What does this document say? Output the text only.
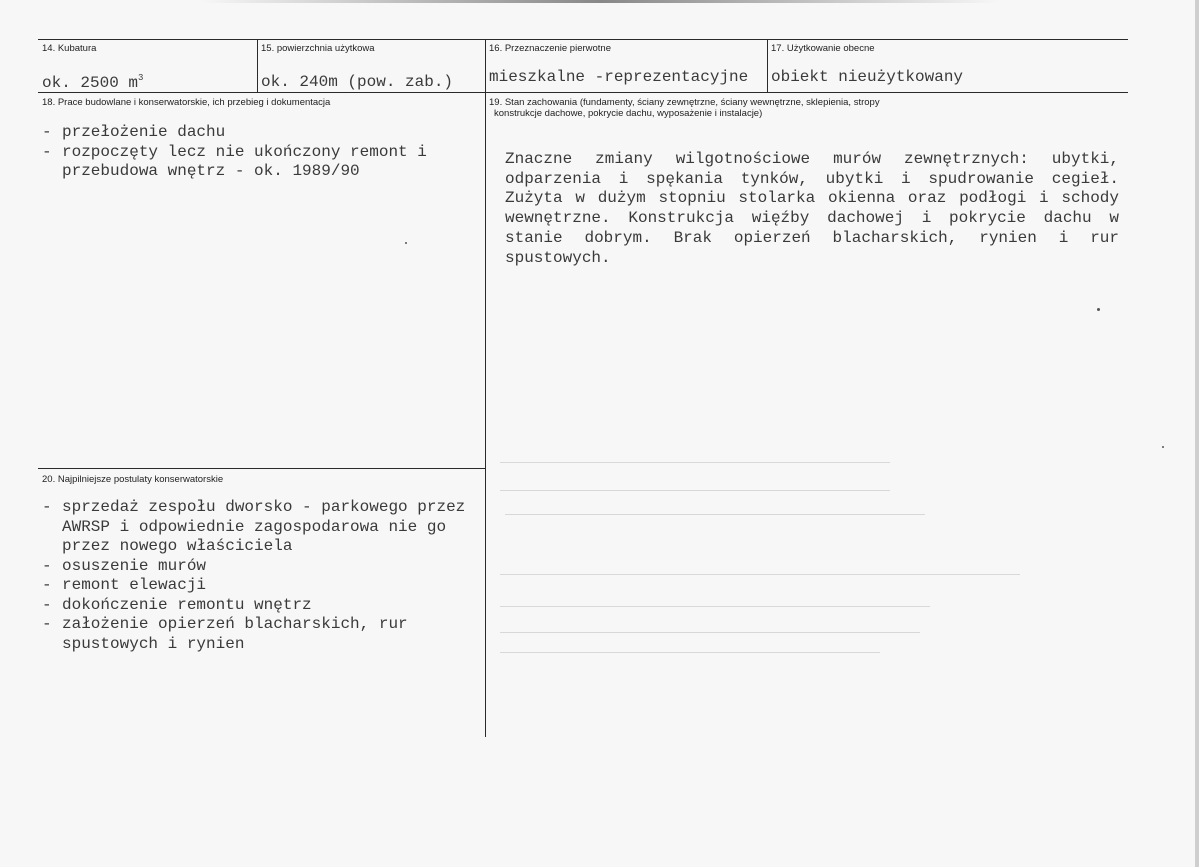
14. Kubatura
ok. 2500 $m^3$
15. powierzchnia użytkowa
ok. 240m (pow. zab.)
16. Przeznaczenie pierwotne
mieszkalne -reprezentacyjne
17. Użytkowanie obecne
obiekt nieużytkowany
18. Prace budowlane i konserwatorskie, ich przebieg i dokumentacja
- przełożenie dachu
- rozpoczęty lecz nie ukończony remont i przebudowa wnętrz - ok. 1989/90
19. Stan zachowania (fundamenty, ściany zewnętrzne, ściany wewnętrzne, sklepienia, stropy
konstrukcje dachowe, pokrycie dachu, wyposażenie i instalacje)
Znaczne zmiany wilgotnościowe murów zewnętrznych: ubytki, odparzenia i spękania tynków, ubytki i spudrowanie cegieł. Zużyta w dużym stopniu stolarka okienna oraz podłogi i schody wewnętrzne. Konstrukcja więźby dachowej i pokrycie dachu w stanie dobrym. Brak opierzeń blacharskich, rynien i rur spustowych.
20. Najpilniejsze postulaty konserwatorskie
- sprzedaż zespołu dworsko - parkowego przez AWRSP i odpowiednie zagospodarowa nie go przez nowego właściciela
- osuszenie murów
- remont elewacji
- dokończenie remontu wnętrz
- założenie opierzeń blacharskich, rur spustowych i rynien
